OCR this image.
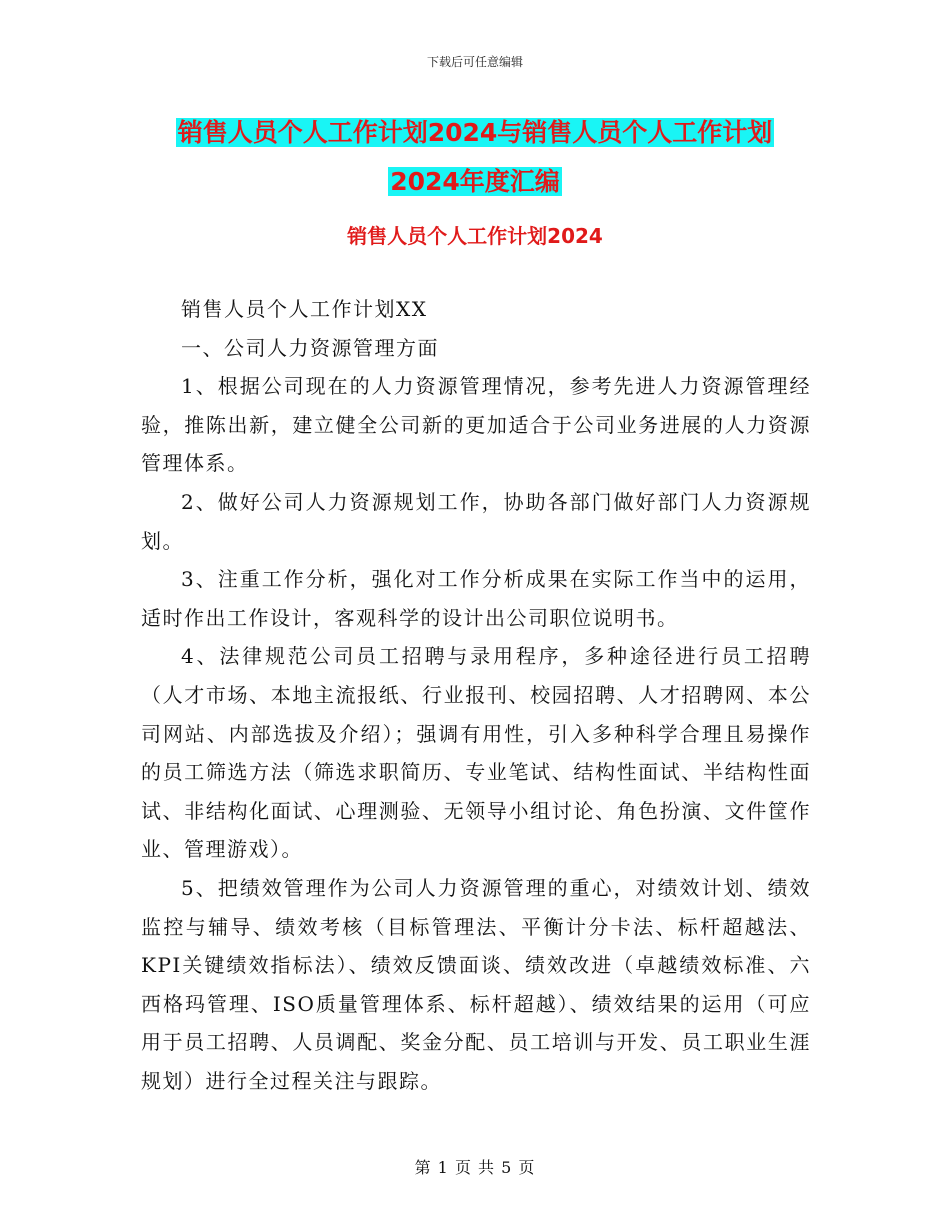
下载后可任意编辑
销售人员个人工作计划2024与销售人员个人工作计划
2024年度汇编
销售人员个人工作计划2024

销售人员个人工作计划XX

一、公司人力资源管理方面

1、根据公司现在的人力资源管理情况，参考先进人力资源管理经验，推陈出新，建立健全公司新的更加适合于公司业务进展的人力资源管理体系。

2、做好公司人力资源规划工作，协助各部门做好部门人力资源规划。

3、注重工作分析，强化对工作分析成果在实际工作当中的运用，适时作出工作设计，客观科学的设计出公司职位说明书。

4、法律规范公司员工招聘与录用程序，多种途径进行员工招聘（人才市场、本地主流报纸、行业报刊、校园招聘、人才招聘网、本公司网站、内部选拔及介绍）；强调有用性，引入多种科学合理且易操作的员工筛选方法（筛选求职简历、专业笔试、结构性面试、半结构性面试、非结构化面试、心理测验、无领导小组讨论、角色扮演、文件筐作业、管理游戏）。

5、把绩效管理作为公司人力资源管理的重心，对绩效计划、绩效监控与辅导、绩效考核（目标管理法、平衡计分卡法、标杆超越法、KPI关键绩效指标法）、绩效反馈面谈、绩效改进（卓越绩效标准、六西格玛管理、ISO质量管理体系、标杆超越）、绩效结果的运用（可应用于员工招聘、人员调配、奖金分配、员工培训与开发、员工职业生涯规划）进行全过程关注与跟踪。

第 1 页 共 5 页
